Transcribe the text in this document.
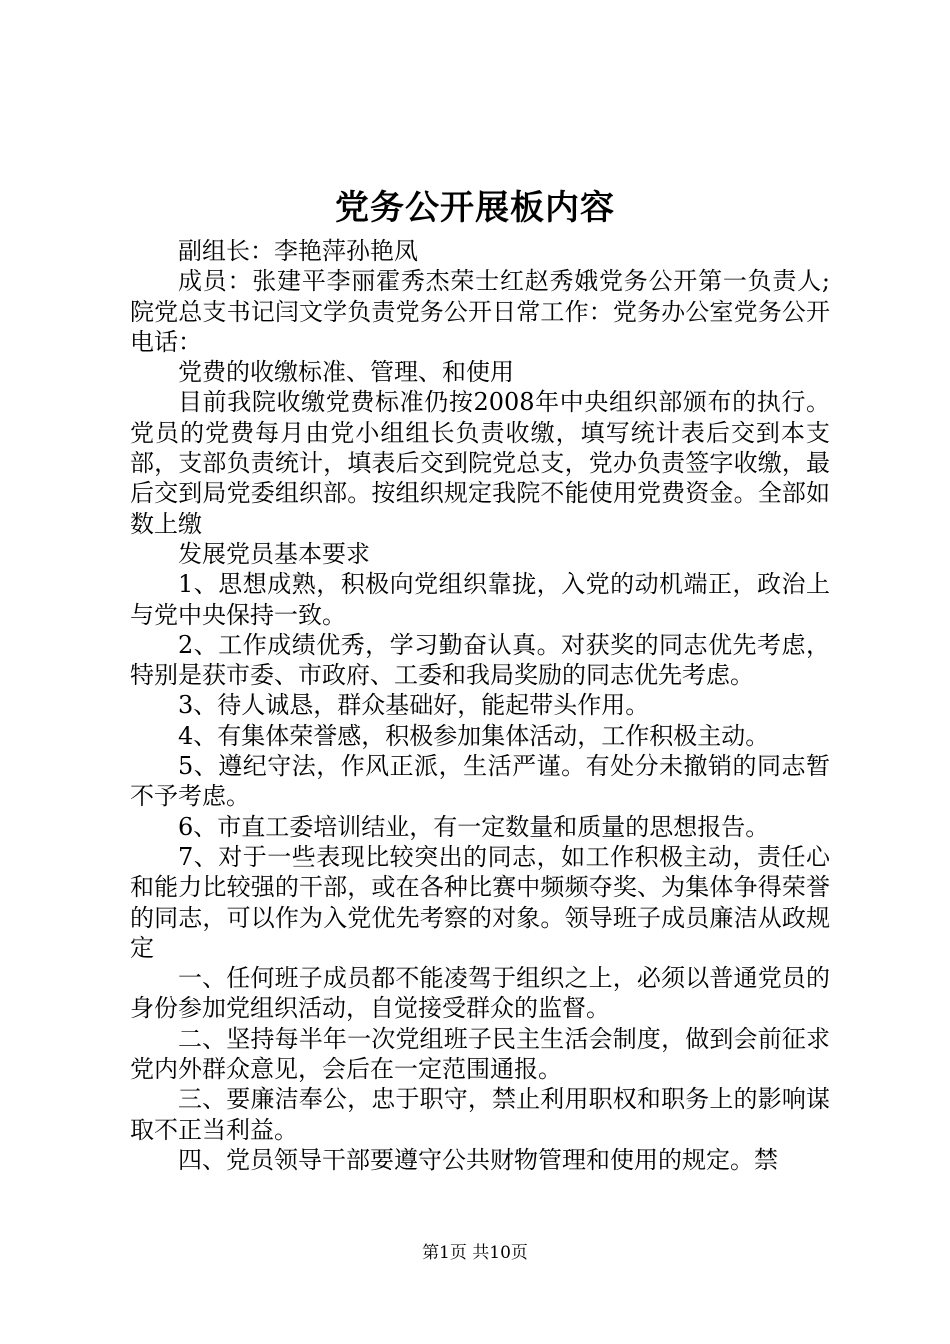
党务公开展板内容

副组长：李艳萍孙艳凤

成员：张建平李丽霍秀杰荣士红赵秀娥党务公开第一负责人;院党总支书记闫文学负责党务公开日常工作：党务办公室党务公开电话：

党费的收缴标准、管理、和使用

目前我院收缴党费标准仍按2008年中央组织部颁布的执行。党员的党费每月由党小组组长负责收缴，填写统计表后交到本支部，支部负责统计，填表后交到院党总支，党办负责签字收缴，最后交到局党委组织部。按组织规定我院不能使用党费资金。全部如数上缴

发展党员基本要求

1、思想成熟，积极向党组织靠拢，入党的动机端正，政治上与党中央保持一致。

2、工作成绩优秀，学习勤奋认真。对获奖的同志优先考虑，特别是获市委、市政府、工委和我局奖励的同志优先考虑。

3、待人诚恳，群众基础好，能起带头作用。

4、有集体荣誉感，积极参加集体活动，工作积极主动。

5、遵纪守法，作风正派，生活严谨。有处分未撤销的同志暂不予考虑。

6、市直工委培训结业，有一定数量和质量的思想报告。

7、对于一些表现比较突出的同志，如工作积极主动，责任心和能力比较强的干部，或在各种比赛中频频夺奖、为集体争得荣誉的同志，可以作为入党优先考察的对象。领导班子成员廉洁从政规定

一、任何班子成员都不能凌驾于组织之上，必须以普通党员的身份参加党组织活动，自觉接受群众的监督。

二、坚持每半年一次党组班子民主生活会制度，做到会前征求党内外群众意见，会后在一定范围通报。

三、要廉洁奉公，忠于职守，禁止利用职权和职务上的影响谋取不正当利益。

四、党员领导干部要遵守公共财物管理和使用的规定。禁

第1页 共10页
